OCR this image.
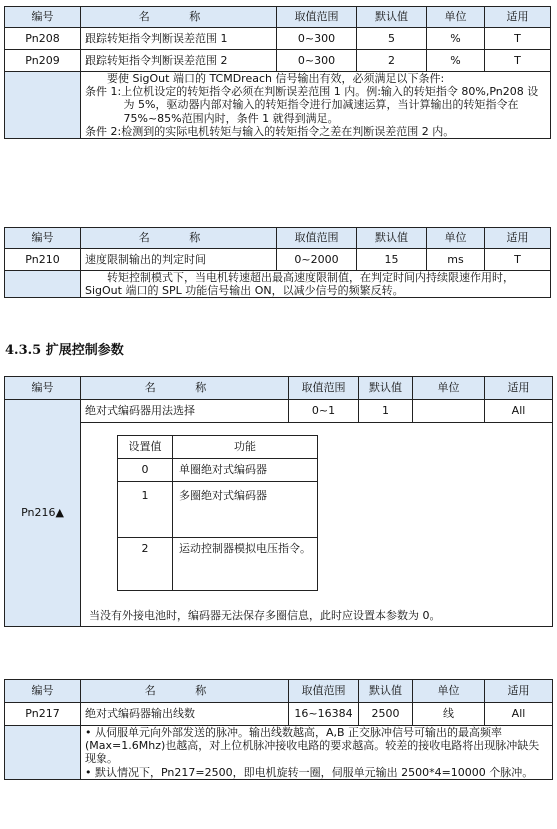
编号	名 称	取值范围	默认值	单位	适用
Pn208	跟踪转矩指令判断误差范围 1	0~300	5	%	T
Pn209	跟踪转矩指令判断误差范围 2	0~300	2	%	T

	要使 SigOut 端口的 TCMDreach 信号输出有效，必须满足以下条件:

条件 1:上位机设定的转矩指令必须在判断误差范围 1 内。例:输入的转矩指令 80%,Pn208 设为 5%，驱动器内部对输入的转矩指令进行加减速运算，当计算输出的转矩指令在 75%~85%范围内时，条件 1 就得到满足。

条件 2:检测到的实际电机转矩与输入的转矩指令之差在判断误差范围 2 内。				

编号	名 称	取值范围	默认值	单位	适用
Pn210	速度限制输出的判定时间	0~2000	15	ms	T

	转矩控制模式下，当电机转速超出最高速度限制值，在判定时间内持续限速作用时，SigOut 端口的 SPL 功能信号输出 ON，以减少信号的频繁反转。				

4.3.5 扩展控制参数
编号	名 称	取值范围	默认值	单位	适用
Pn216▲	绝对式编码器用法选择	0~1	1		All

设置值	功能
0	单圈绝对式编码器
1	多圈绝对式编码器
2	运动控制器模拟电压指令。
当没有外接电池时，编码器无法保存多圈信息，此时应设置本参数为 0。
编号	名 称	取值范围	默认值	单位	适用
Pn217	绝对式编码器输出线数	16~16384	2500	线	All

	• 从伺服单元向外部发送的脉冲。输出线数越高，A,B 正交脉冲信号可输出的最高频率(Max=1.6Mhz)也越高，对上位机脉冲接收电路的要求越高。较差的接收电路将出现脉冲缺失现象。

• 默认情况下，Pn217=2500，即电机旋转一圈，伺服单元输出 2500*4=10000 个脉冲。				
